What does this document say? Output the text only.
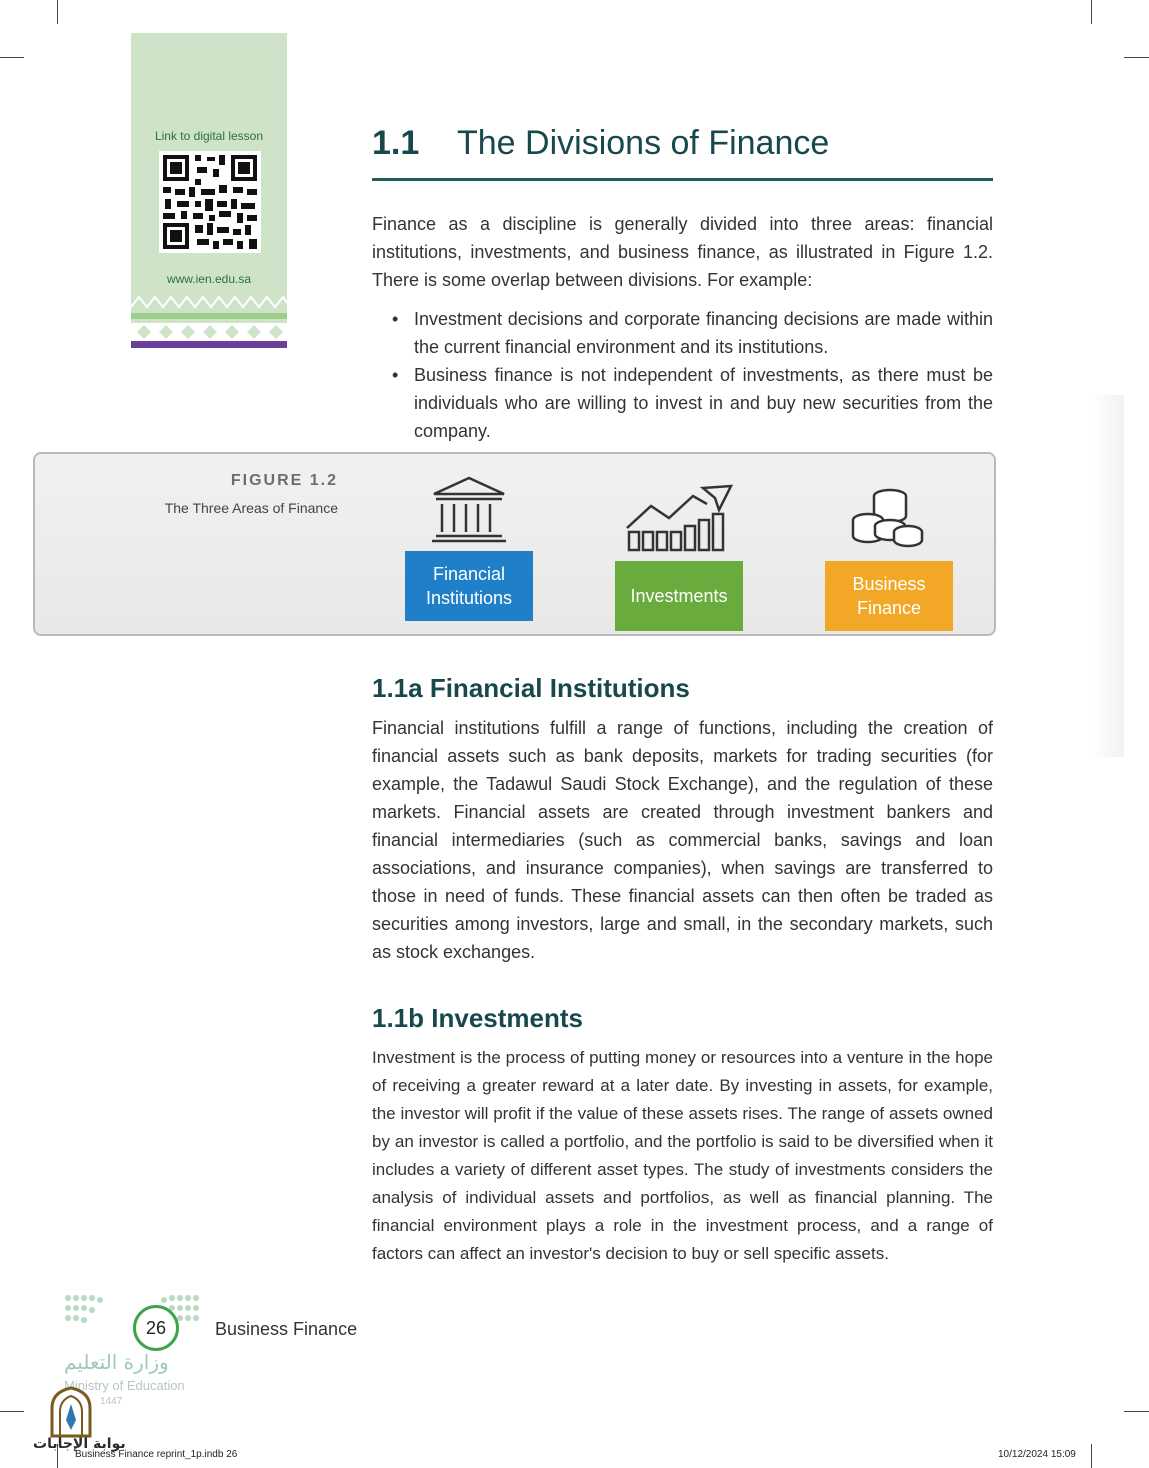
Link to digital lesson
www.ien.edu.sa
1.1 The Divisions of Finance
Finance as a discipline is generally divided into three areas: financial institutions, investments, and business finance, as illustrated in Figure 1.2. There is some overlap between divisions. For example:
• Investment decisions and corporate financing decisions are made within the current financial environment and its institutions.
• Business finance is not independent of investments, as there must be individuals who are willing to invest in and buy new securities from the company.
FIGURE 1.2
The Three Areas of Finance
Financial Institutions	Investments
Business Finance
1.1a Financial Institutions
Financial institutions fulfill a range of functions, including the creation of financial assets such as bank deposits, markets for trading securities (for example, the Tadawul Saudi Stock Exchange), and the regulation of these markets. Financial assets are created through investment bankers and financial intermediaries (such as commercial banks, savings and loan associations, and insurance companies), when savings are transferred to those in need of funds. These financial assets can then often be traded as securities among investors, large and small, in the secondary markets, such as stock exchanges.
1.1b Investments
Investment is the process of putting money or resources into a venture in the hope of receiving a greater reward at a later date. By investing in assets, for example, the investor will profit if the value of these assets rises. The range of assets owned by an investor is called a portfolio, and the portfolio is said to be diversified when it includes a variety of different asset types. The study of investments considers the analysis of individual assets and portfolios, as well as financial planning. The financial environment plays a role in the investment process, and a range of factors can affect an investor's decision to buy or sell specific assets.
26	Business Finance
وزارة التعليم
Ministry of Education
1447
بوابة الإجابات
Business Finance reprint_1p.indb 26	10/12/2024 15:09
